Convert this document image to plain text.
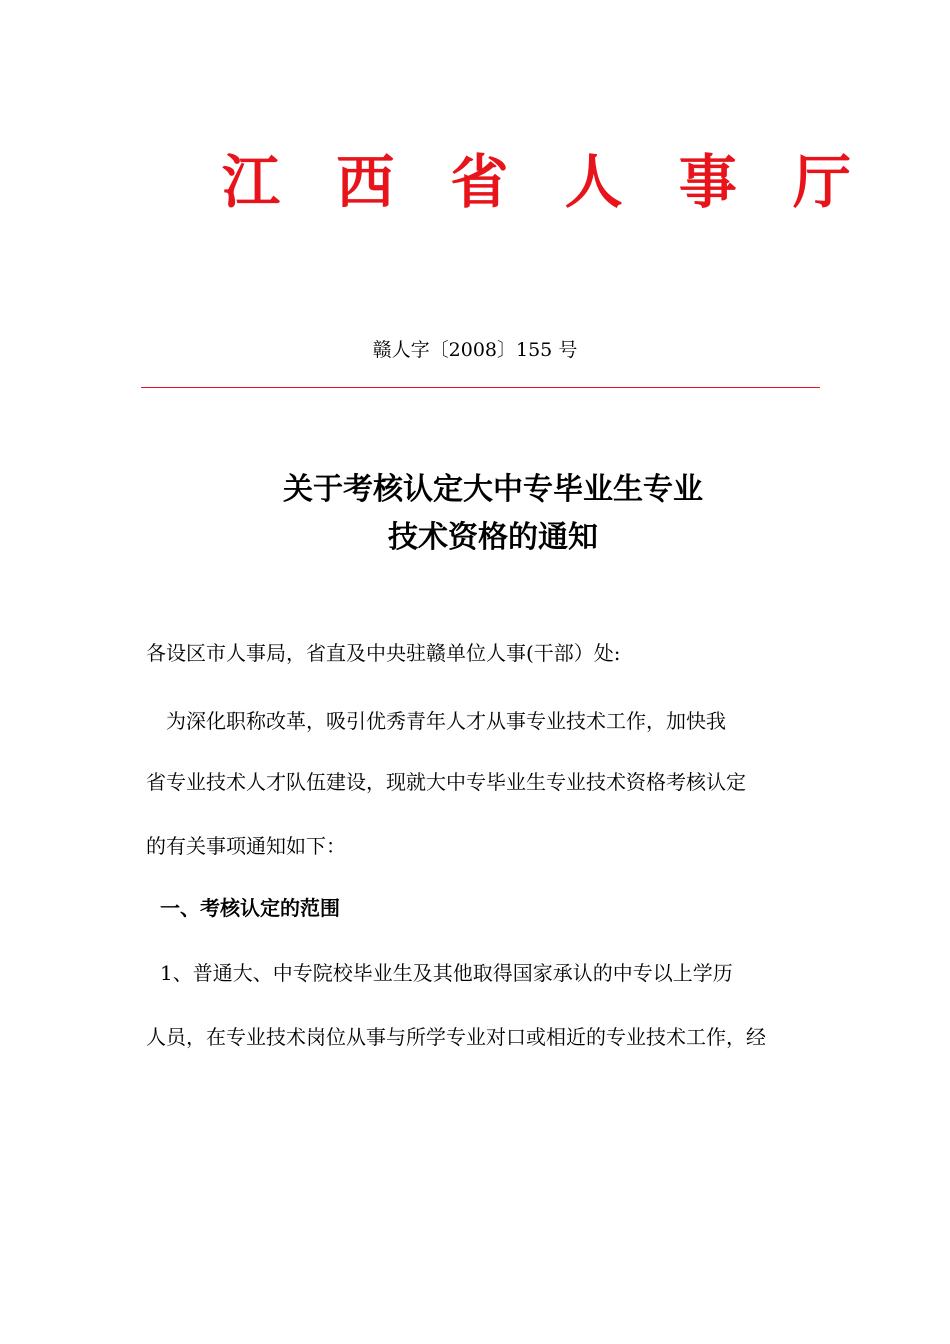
江 西 省 人 事 厅
赣人字〔2008〕155 号
关于考核认定大中专毕业生专业
技术资格的通知
各设区市人事局，省直及中央驻赣单位人事(干部）处:
为深化职称改革，吸引优秀青年人才从事专业技术工作，加快我
省专业技术人才队伍建设，现就大中专毕业生专业技术资格考核认定
的有关事项通知如下：
一、考核认定的范围
1、普通大、中专院校毕业生及其他取得国家承认的中专以上学历
人员，在专业技术岗位从事与所学专业对口或相近的专业技术工作，经
